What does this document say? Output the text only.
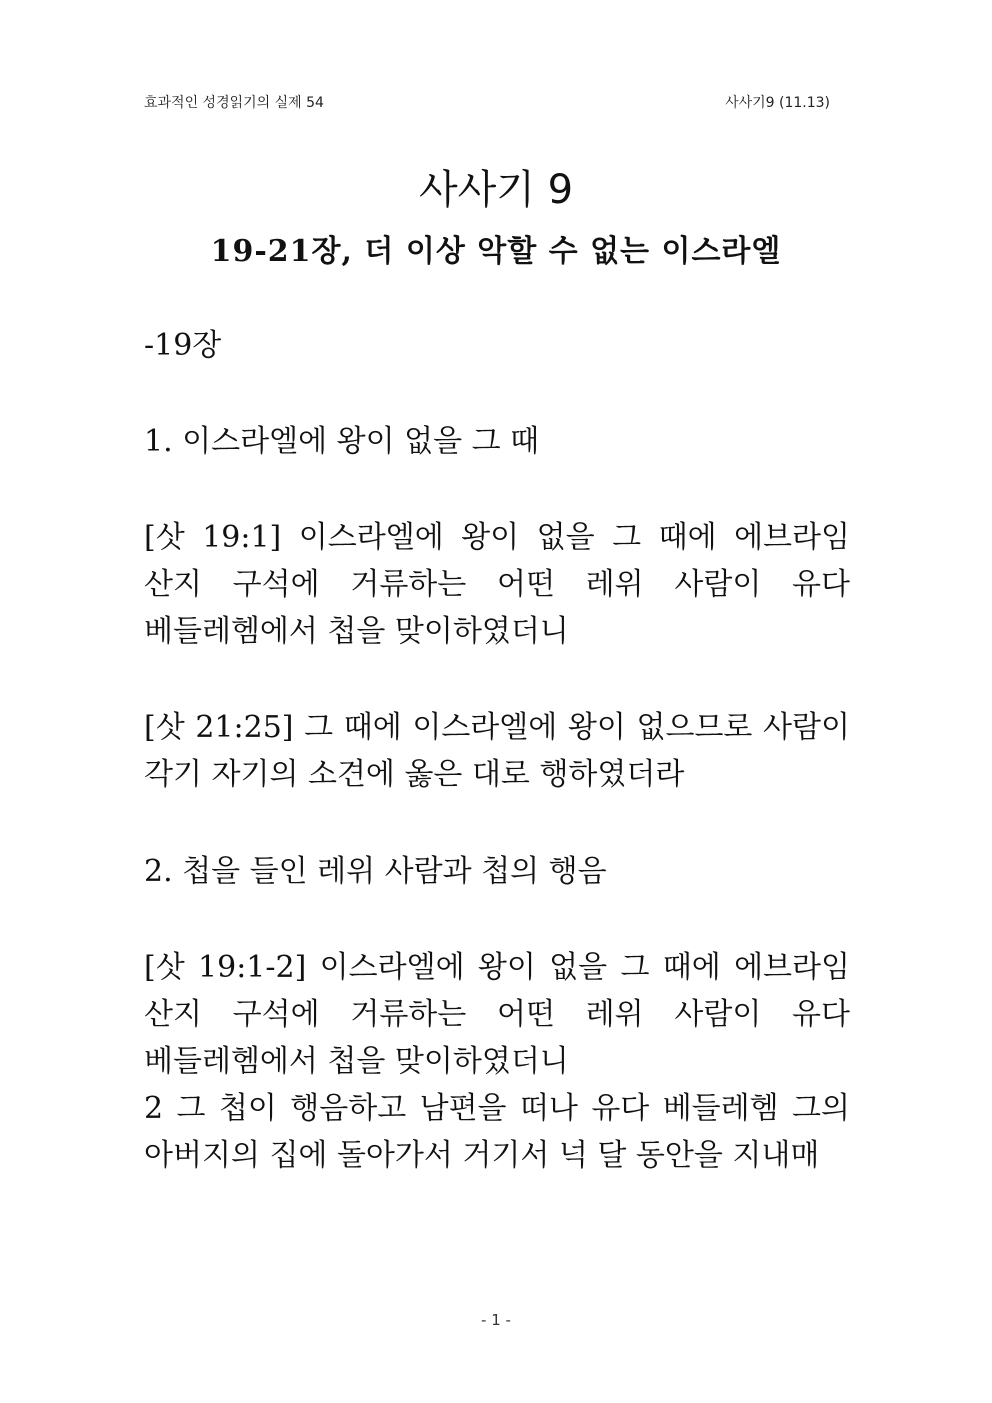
효과적인 성경읽기의 실제 54	사사기9 (11.13)
사사기 9
19-21장, 더 이상 악할 수 없는 이스라엘

-19장

1. 이스라엘에 왕이 없을 그 때

[삿 19:1] 이스라엘에 왕이 없을 그 때에 에브라임 산지 구석에 거류하는 어떤 레위 사람이 유다 베들레헴에서 첩을 맞이하였더니

[삿 21:25] 그 때에 이스라엘에 왕이 없으므로 사람이 각기 자기의 소견에 옳은 대로 행하였더라

2. 첩을 들인 레위 사람과 첩의 행음

[삿 19:1-2] 이스라엘에 왕이 없을 그 때에 에브라임 산지 구석에 거류하는 어떤 레위 사람이 유다 베들레헴에서 첩을 맞이하였더니
2 그 첩이 행음하고 남편을 떠나 유다 베들레헴 그의 아버지의 집에 돌아가서 거기서 넉 달 동안을 지내매
- 1 -
